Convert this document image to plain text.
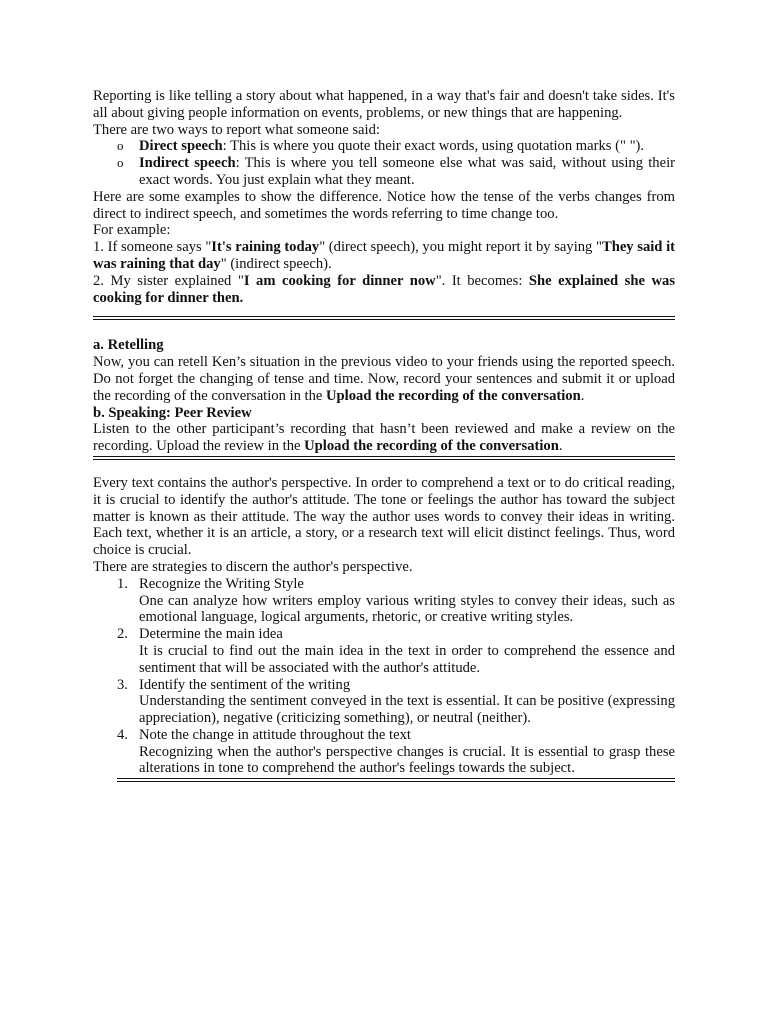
Reporting is like telling a story about what happened, in a way that's fair and doesn't take sides. It's all about giving people information on events, problems, or new things that are happening.

There are two ways to report what someone said:

o Direct speech: This is where you quote their exact words, using quotation marks (" ").
o Indirect speech: This is where you tell someone else what was said, without using their exact words. You just explain what they meant.

Here are some examples to show the difference. Notice how the tense of the verbs changes from direct to indirect speech, and sometimes the words referring to time change too.

For example:

1. If someone says "It's raining today" (direct speech), you might report it by saying "They said it was raining that day" (indirect speech).

2. My sister explained "I am cooking for dinner now". It becomes: She explained she was cooking for dinner then.

a. Retelling

Now, you can retell Ken’s situation in the previous video to your friends using the reported speech. Do not forget the changing of tense and time. Now, record your sentences and submit it or upload the recording of the conversation in the Upload the recording of the conversation.

b. Speaking: Peer Review

Listen to the other participant’s recording that hasn’t been reviewed and make a review on the recording. Upload the review in the Upload the recording of the conversation.

Every text contains the author's perspective. In order to comprehend a text or to do critical reading, it is crucial to identify the author's attitude. The tone or feelings the author has toward the subject matter is known as their attitude. The way the author uses words to convey their ideas in writing. Each text, whether it is an article, a story, or a research text will elicit distinct feelings. Thus, word choice is crucial.

There are strategies to discern the author's perspective.

1. Recognize the Writing Style
One can analyze how writers employ various writing styles to convey their ideas, such as emotional language, logical arguments, rhetoric, or creative writing styles.
2. Determine the main idea
It is crucial to find out the main idea in the text in order to comprehend the essence and sentiment that will be associated with the author's attitude.
3. Identify the sentiment of the writing
Understanding the sentiment conveyed in the text is essential. It can be positive (expressing appreciation), negative (criticizing something), or neutral (neither).
4. Note the change in attitude throughout the text
Recognizing when the author's perspective changes is crucial. It is essential to grasp these alterations in tone to comprehend the author's feelings towards the subject.
